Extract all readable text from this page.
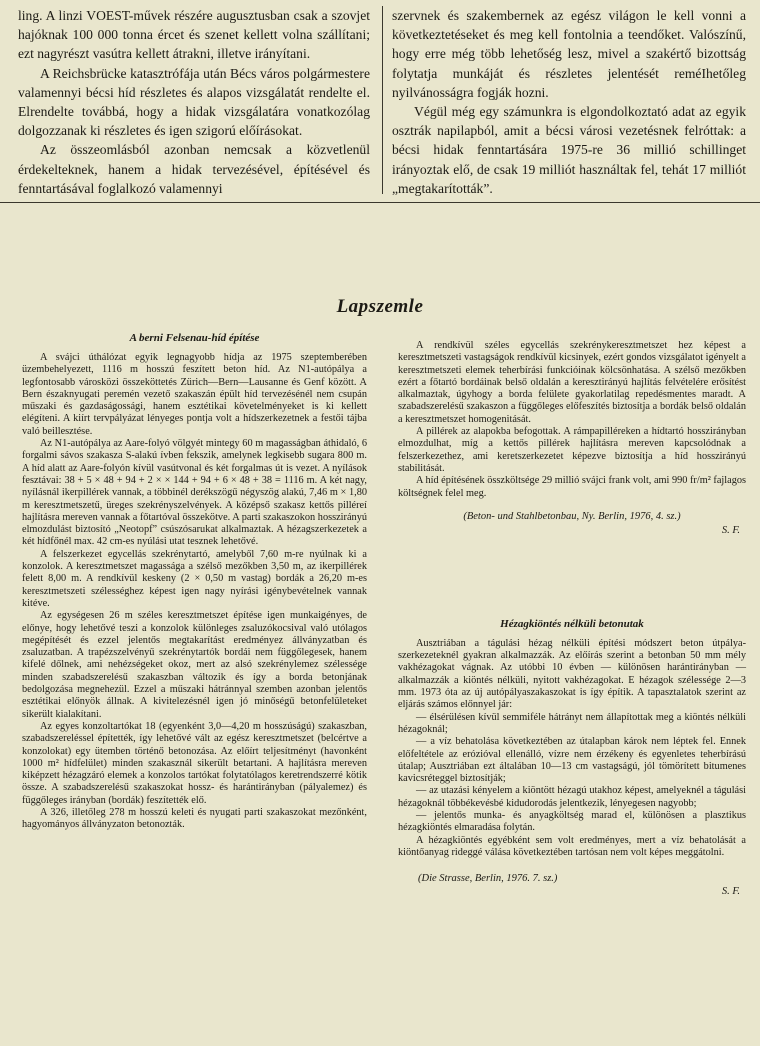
ling. A linzi VOEST-művek részére augusztusban csak a szovjet hajóknak 100 000 tonna ércet és szenet kellett volna szállítani; ezt nagyrészt vasútra kellett átrakni, illetve irányítani.

A Reichsbrücke katasztrófája után Bécs város polgármestere valamennyi bécsi híd részletes és alapos vizsgálatát rendelte el. Elrendelte továbbá, hogy a hidak vizsgálatára vonatkozólag dolgozzanak ki részletes és igen szigorú előírásokat.

Az összeomlásból azonban nemcsak a közvetlenül érdekelteknek, hanem a hidak tervezésével, építésével és fenntartásával foglalkozó valamennyi

szervnek és szakembernek az egész világon le kell vonni a következtetéseket és meg kell fontolnia a teendőket. Valószínű, hogy erre még több lehetőség lesz, mivel a szakértő bizottság folytatja munkáját és részletes jelentését reméIhetőleg nyilvánosságra fogják hozni.

Végül még egy számunkra is elgondolkoztató adat az egyik osztrák napilapból, amit a bécsi városi vezetésnek felróttak: a bécsi hidak fenntartására 1975-re 36 millió schillinget irányoztak elő, de csak 19 milliót használtak fel, tehát 17 milliót „megtakarították”.

Lapszemle
A berni Felsenau-híd építése

A svájci úthálózat egyik legnagyobb hídja az 1975 szeptemberében üzembehelyezett, 1116 m hosszú feszített beton híd. Az N1-autópálya a legfontosabb városközi összeköttetés Zürich—Bern—Lausanne és Genf között. A Bern északnyugati peremén vezető szakaszán épült híd tervezésénél nem csupán műszaki és gazdaságossági, hanem esztétikai követelményeket is ki kellett elégíteni. A kiírt tervpályázat lényeges pontja volt a hídszerkezetnek a festői tájba való beillesztése.

Az N1-autópálya az Aare-folyó völgyét mintegy 60 m magasságban áthidaló, 6 forgalmi sávos szakasza S-alakú ívben fekszik, amelynek legkisebb sugara 800 m. A híd alatt az Aare-folyón kívül vasútvonal és két forgalmas út is vezet. A nyílások fesztávai: 38 + 5 × 48 + 94 + 2 × × 144 + 94 + 6 × 48 + 38 = 1116 m. A két nagy, nyílásnál ikerpillérek vannak, a többinél derékszögű négyszög alakú, 7,46 m × 1,80 m keresztmetszetű, üreges szekrényszelvények. A középső szakasz kettős pilléreí hajlításra mereven vannak a főtartóval összekötve. A parti szakaszokon hosszirányú elmozdulást biztosító „Neotopf” csúszósarukat alkalmaztak. A hézagszerkezetek a két hídfőnél max. 42 cm-es nyúlási utat tesznek lehetővé.

A felszerkezet egycellás szekrénytartó, amelyből 7,60 m-re nyúlnak ki a konzolok. A keresztmetszet magassága a szélső mezőkben 3,50 m, az ikerpillérek felett 8,00 m. A rendkívül keskeny (2 × 0,50 m vastag) bordák a 26,20 m-es keresztmetszeti szélességhez képest igen nagy nyírási igénybevételnek vannak kitéve.

Az egységesen 26 m széles keresztmetszet építése igen munkaigényes, de előnye, hogy lehetővé teszi a konzolok különleges zsaluzókocsival való utólagos megépítését és ezzel jelentős megtakarítást eredményez állványzatban és zsaluzatban. A trapézszelvényű szekrénytartók bordái nem függőlegesek, hanem kifelé dőlnek, ami nehézségeket okoz, mert az alsó szekrénylemez szélessége minden szabadszerelésű szakaszban változik és így a borda betonjának bedolgozása megnehezül. Ezzel a műszaki hátránnyal szemben azonban jelentős esztétikai előnyök állnak. A kivitelezésnél igen jó minőségű betonfelületeket sikerült kialakítani.

Az egyes konzoltartókat 18 (egyenként 3,0—4,20 m hosszúságú) szakaszban, szabadszereléssel építették, így lehetővé vált az egész keresztmetszet (belcértve a konzolokat) egy ütemben történő betonozása. Az előírt teljesítményt (havonként 1000 m² hídfelület) minden szakasznál sikerült betartani. A hajlításra mereven kiképzett hézagzáró elemek a konzolos tartókat folytatólagos keretrendszerré kötik össze. A szabadszerelésű szakaszokat hossz- és harántirányban (pályalemez) és függőleges irányban (bordák) feszítették elő.

A 326, illetőleg 278 m hosszú keleti és nyugati parti szakaszokat mezőnként, hagyományos állványzaton betonozták.

A rendkívül széles egycellás szekrénykeresztmetszet hez képest a keresztmetszeti vastagságok rendkívül kicsinyek, ezért gondos vizsgálatot igényelt a keresztmetszeti elemek teherbírási funkcióinak kölcsönhatása. A szélső mezőkben ezért a főtartó bordáinak belső oldalán a keresztirányú hajlítás felvételére erősítést alkalmaztak, úgyhogy a borda felülete gyakorlatilag repedésmentes maradt. A szabadszerelésű szakaszon a függőleges előfeszítés biztosítja a bordák belső oldalán a keresztmetszet homogenitását.

A pillérek az alapokba befogottak. A rámpapilléreken a hídtartó hosszirányban elmozdulhat, míg a kettős pillérek hajlításra mereven kapcsolódnak a felszerkezethez, ami keretszerkezetet képezve biztosítja a híd hosszirányú stabilitását.

A híd építésének összköltsége 29 millió svájci frank volt, ami 990 fr/m² fajlagos költségnek felel meg.

(Beton- und Stahlbetonbau, Ny. Berlin, 1976, 4. sz.)
S. F.
Hézagkiöntés nélküli betonutak

Ausztriában a tágulási hézag nélküli építési módszert beton útpálya-szerkezeteknél gyakran alkalmazzák. Az előírás szerint a betonban 50 mm mély vakhézagokat vágnak. Az utóbbi 10 évben — különösen harántirányban — alkalmazzák a kiöntés nélküli, nyitott vakhézagokat. E hézagok szélessége 2—3 mm. 1973 óta az új autópályaszakaszokat is így építik. A tapasztalatok szerint az eljárás számos előnnyel jár:

— élsérülésen kívül semmiféle hátrányt nem állapítottak meg a kiöntés nélküli hézagoknál;

— a víz behatolása következtében az útalapban károk nem léptek fel. Ennek előfeltétele az erózióval ellenálló, vízre nem érzékeny és egyenletes teherbírású útalap; Ausztriában ezt általában 10—13 cm vastagságú, jól tömörített bitumenes kavicsréteggel biztosítják;

— az utazási kényelem a kiöntött hézagú utakhoz képest, amelyeknél a tágulási hézagoknál többékevésbé kidudorodás jelentkezik, lényegesen nagyobb;

— jelentős munka- és anyagköltség marad el, különösen a plasztikus hézagkiöntés elmaradása folytán.

A hézagkiöntés egyébként sem volt eredményes, mert a víz behatolását a kiöntőanyag rideggé válása következtében tartósan nem volt képes meggátolni.

(Die Strasse, Berlin, 1976. 7. sz.)
S. F.
